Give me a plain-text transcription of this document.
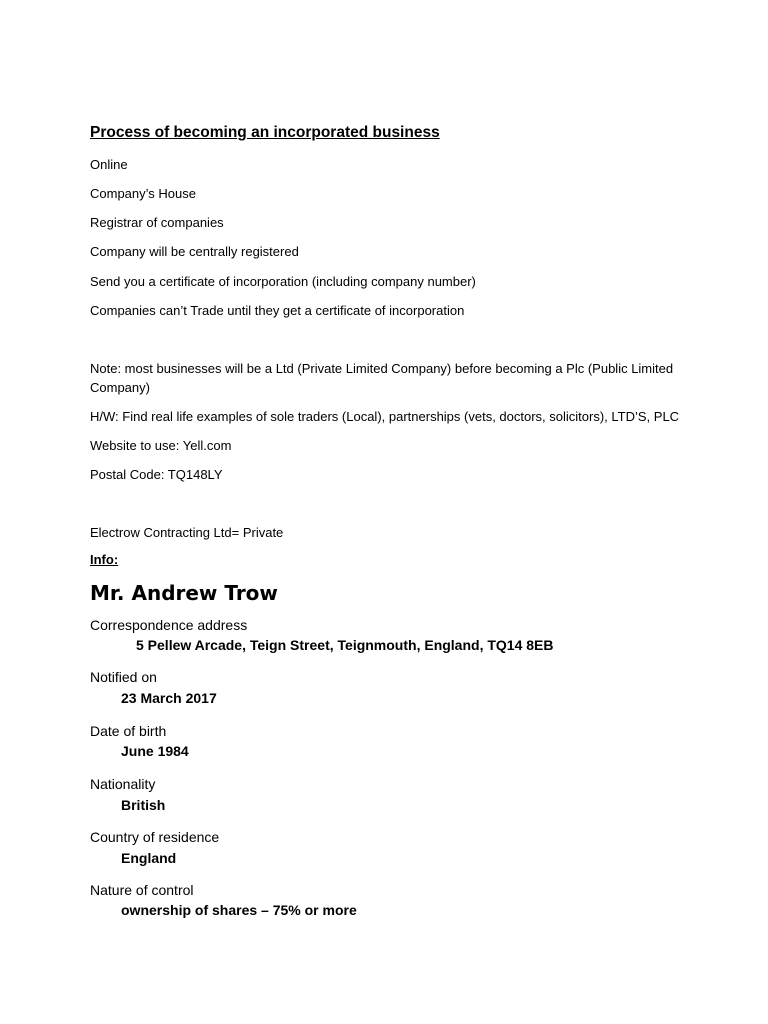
Process of becoming an incorporated business
Online
Company’s House
Registrar of companies
Company will be centrally registered
Send you a certificate of incorporation (including company number)
Companies can’t Trade until they get a certificate of incorporation
Note: most businesses will be a Ltd (Private Limited Company) before becoming a Plc (Public Limited Company)
H/W: Find real life examples of sole traders (Local), partnerships (vets, doctors, solicitors), LTD’S, PLC
Website to use: Yell.com
Postal Code: TQ148LY
Electrow Contracting Ltd= Private
Info:
Mr. Andrew Trow
Correspondence address
5 Pellew Arcade, Teign Street, Teignmouth, England, TQ14 8EB
Notified on
23 March 2017
Date of birth
June 1984
Nationality
British
Country of residence
England
Nature of control
ownership of shares – 75% or more
